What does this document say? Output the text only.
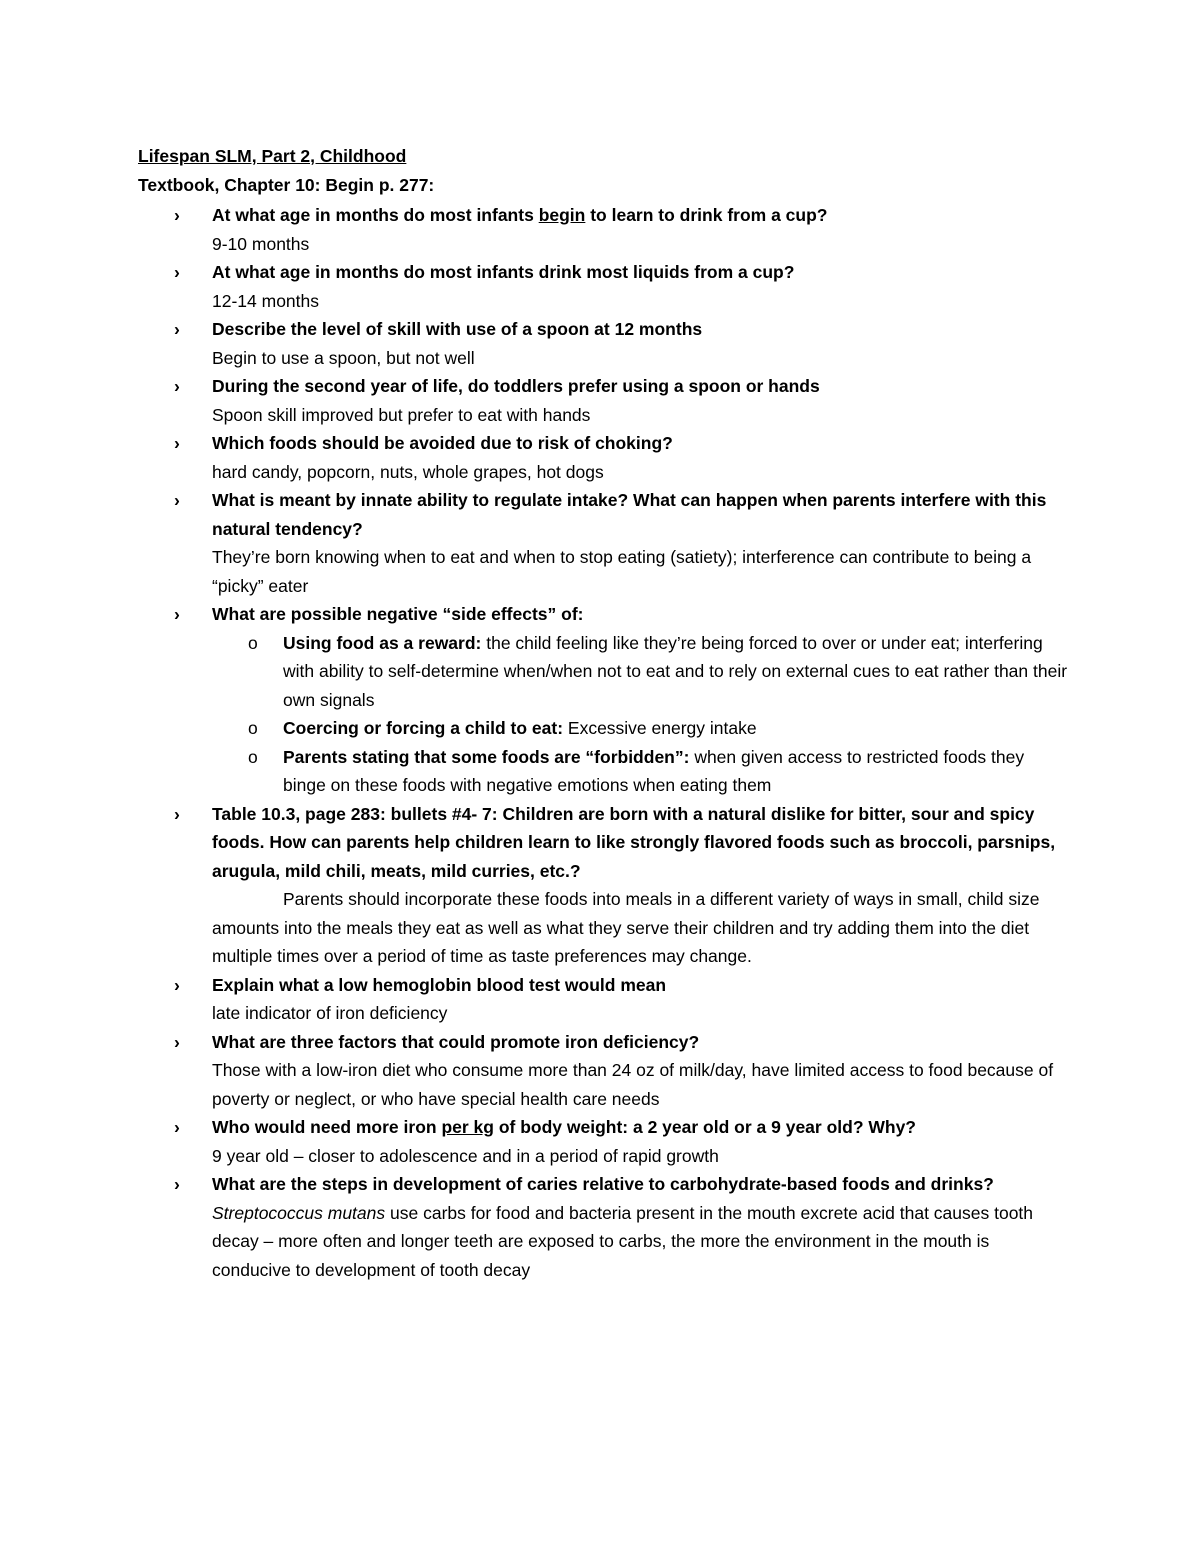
Lifespan SLM, Part 2, Childhood
Textbook, Chapter 10: Begin p. 277:
› At what age in months do most infants begin to learn to drink from a cup?
9-10 months
› At what age in months do most infants drink most liquids from a cup?
12-14 months
› Describe the level of skill with use of a spoon at 12 months
Begin to use a spoon, but not well
› During the second year of life, do toddlers prefer using a spoon or hands
Spoon skill improved but prefer to eat with hands
› Which foods should be avoided due to risk of choking?
hard candy, popcorn, nuts, whole grapes, hot dogs
› What is meant by innate ability to regulate intake? What can happen when parents interfere with this natural tendency?
They’re born knowing when to eat and when to stop eating (satiety); interference can contribute to being a “picky” eater
› What are possible negative “side effects” of:
o Using food as a reward: the child feeling like they’re being forced to over or under eat; interfering with ability to self-determine when/when not to eat and to rely on external cues to eat rather than their own signals
o Coercing or forcing a child to eat: Excessive energy intake
o Parents stating that some foods are “forbidden”: when given access to restricted foods they binge on these foods with negative emotions when eating them
› Table 10.3, page 283: bullets #4- 7: Children are born with a natural dislike for bitter, sour and spicy foods. How can parents help children learn to like strongly flavored foods such as broccoli, parsnips, arugula, mild chili, meats, mild curries, etc.?
Parents should incorporate these foods into meals in a different variety of ways in small, child size amounts into the meals they eat as well as what they serve their children and try adding them into the diet multiple times over a period of time as taste preferences may change.
› Explain what a low hemoglobin blood test would mean
late indicator of iron deficiency
› What are three factors that could promote iron deficiency?
Those with a low-iron diet who consume more than 24 oz of milk/day, have limited access to food because of poverty or neglect, or who have special health care needs
› Who would need more iron per kg of body weight: a 2 year old or a 9 year old? Why?
9 year old – closer to adolescence and in a period of rapid growth
› What are the steps in development of caries relative to carbohydrate-based foods and drinks?
Streptococcus mutans use carbs for food and bacteria present in the mouth excrete acid that causes tooth decay – more often and longer teeth are exposed to carbs, the more the environment in the mouth is conducive to development of tooth decay
